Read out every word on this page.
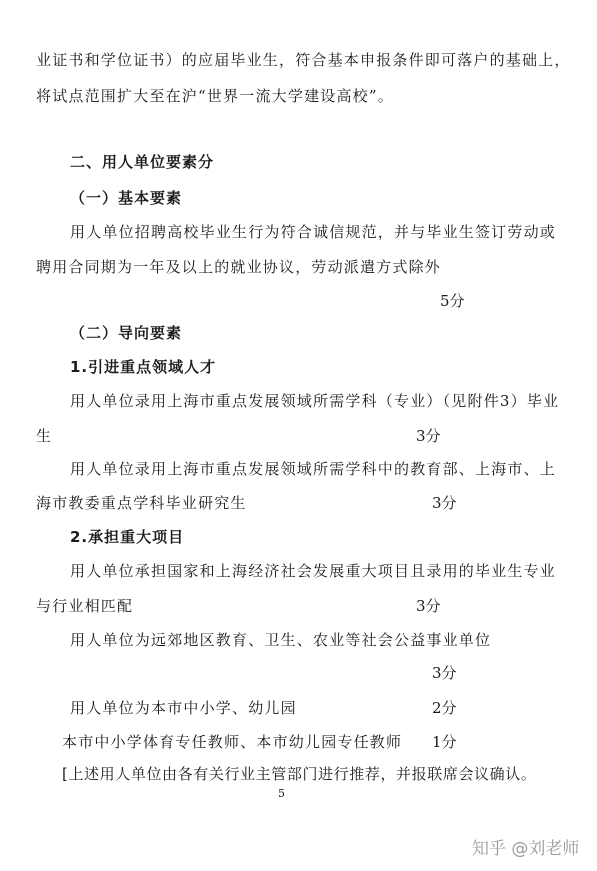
业证书和学位证书）的应届毕业生，符合基本申报条件即可落户的基础上，
将试点范围扩大至在沪“世界一流大学建设高校”。
二、用人单位要素分
（一）基本要素
用人单位招聘高校毕业生行为符合诚信规范，并与毕业生签订劳动或
聘用合同期为一年及以上的就业协议，劳动派遣方式除外
5分
（二）导向要素
1.引进重点领域人才
用人单位录用上海市重点发展领域所需学科（专业）（见附件3）毕业
生	3分
用人单位录用上海市重点发展领域所需学科中的教育部、上海市、上
海市教委重点学科毕业研究生	3分
2.承担重大项目
用人单位承担国家和上海经济社会发展重大项目且录用的毕业生专业
与行业相匹配	3分
用人单位为远郊地区教育、卫生、农业等社会公益事业单位
3分
用人单位为本市中小学、幼儿园	2分
本市中小学体育专任教师、本市幼儿园专任教师 1分
[上述用人单位由各有关行业主管部门进行推荐，并报联席会议确认。
5
知乎 @刘老师
